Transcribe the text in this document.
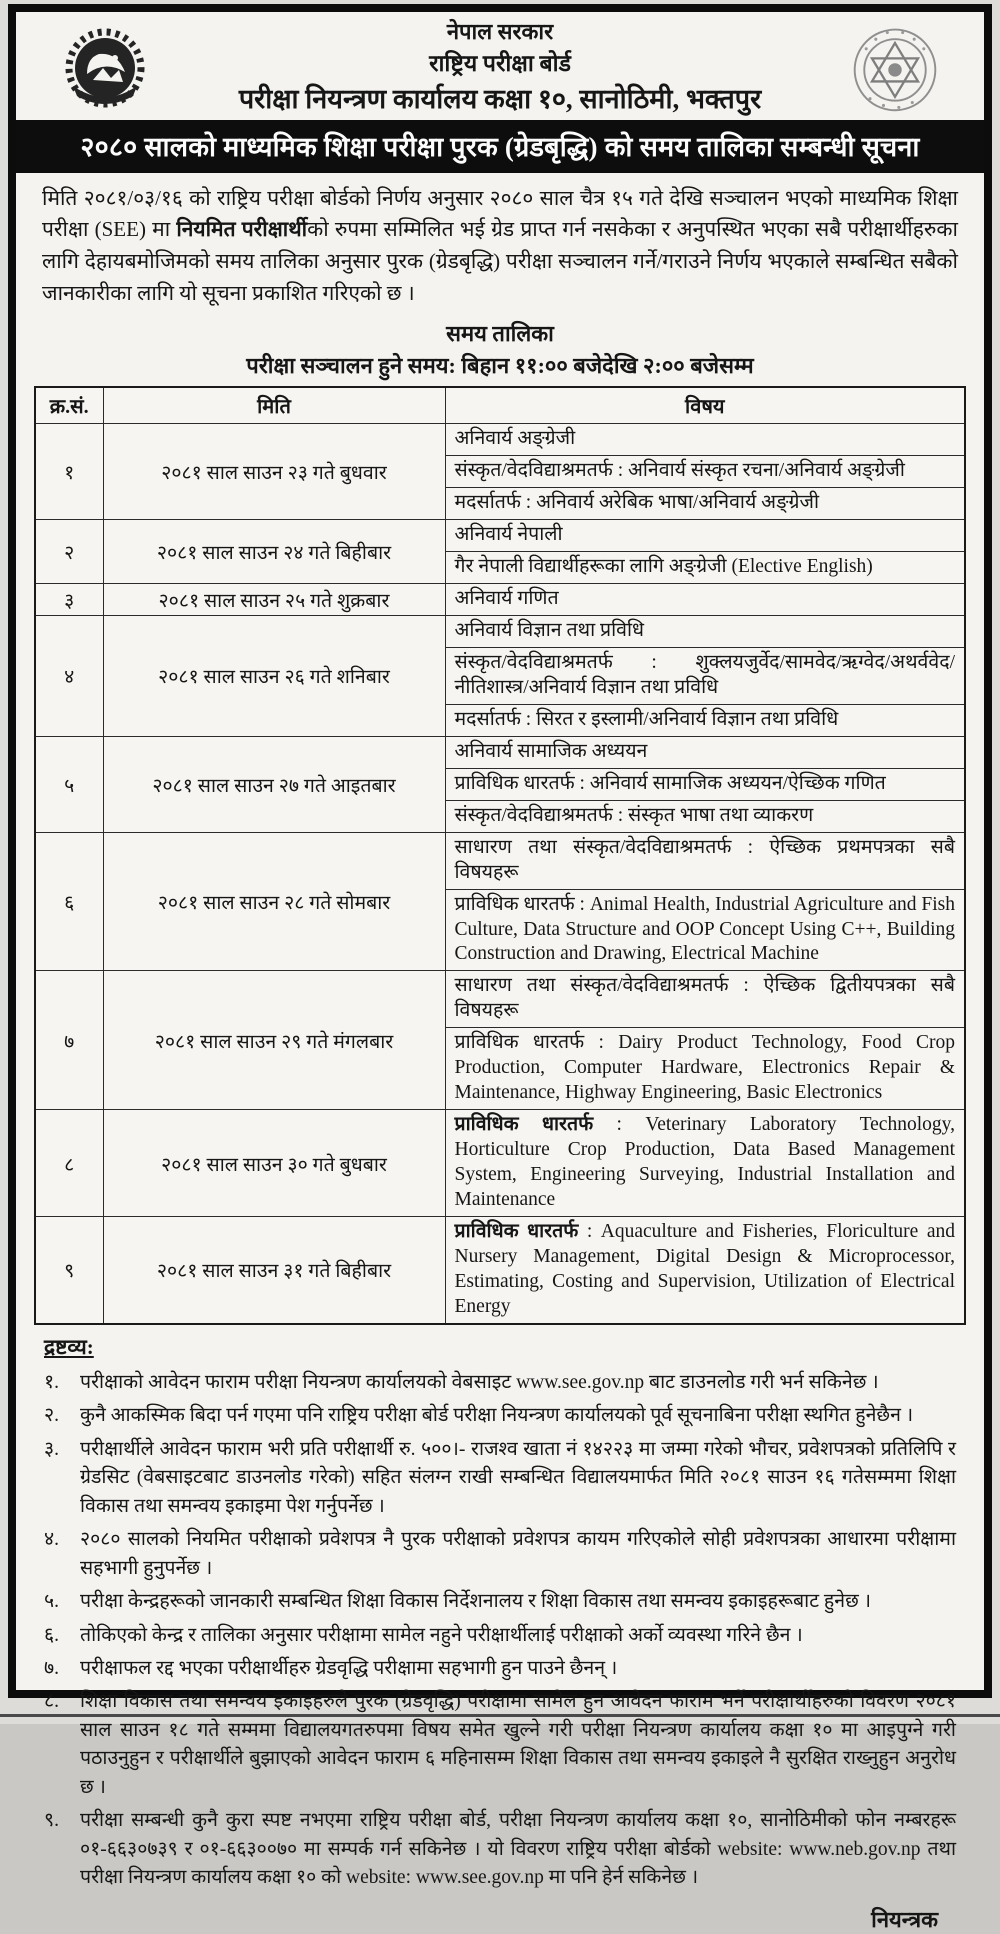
नेपाल सरकार
राष्ट्रिय परीक्षा बोर्ड
परीक्षा नियन्त्रण कार्यालय कक्षा १०, सानोठिमी, भक्तपुर
२०८० सालको माध्यमिक शिक्षा परीक्षा पुरक (ग्रेडबृद्धि) को समय तालिका सम्बन्धी सूचना
मिति २०८१/०३/१६ को राष्ट्रिय परीक्षा बोर्डको निर्णय अनुसार २०८० साल चैत्र १५ गते देखि सञ्चालन भएको माध्यमिक शिक्षा परीक्षा (SEE) मा नियमित परीक्षार्थीको रुपमा सम्मिलित भई ग्रेड प्राप्त गर्न नसकेका र अनुपस्थित भएका सबै परीक्षार्थीहरुका लागि देहायबमोजिमको समय तालिका अनुसार पुरक (ग्रेडबृद्धि) परीक्षा सञ्चालन गर्ने/गराउने निर्णय भएकाले सम्बन्धित सबैको जानकारीका लागि यो सूचना प्रकाशित गरिएको छ ।
समय तालिका
परीक्षा सञ्चालन हुने समय: बिहान ११:०० बजेदेखि २:०० बजेसम्म
क्र.सं.	मिति	विषय
१	२०८१ साल साउन २३ गते बुधवार	अनिवार्य अङ्ग्रेजी
		संस्कृत/वेदविद्याश्रमतर्फ : अनिवार्य संस्कृत रचना/अनिवार्य अङ्ग्रेजी
		मदर्सातर्फ : अनिवार्य अरेबिक भाषा/अनिवार्य अङ्ग्रेजी
२	२०८१ साल साउन २४ गते बिहीबार	अनिवार्य नेपाली
		गैर नेपाली विद्यार्थीहरूका लागि अङ्ग्रेजी (Elective English)
३	२०८१ साल साउन २५ गते शुक्रबार	अनिवार्य गणित
४	२०८१ साल साउन २६ गते शनिबार	अनिवार्य विज्ञान तथा प्रविधि
		संस्कृत/वेदविद्याश्रमतर्फ : शुक्लयजुर्वेद/सामवेद/ऋग्वेद/अथर्ववेद/नीतिशास्त्र/अनिवार्य विज्ञान तथा प्रविधि
		मदर्सातर्फ : सिरत र इस्लामी/अनिवार्य विज्ञान तथा प्रविधि
५	२०८१ साल साउन २७ गते आइतबार	अनिवार्य सामाजिक अध्ययन
		प्राविधिक धारतर्फ : अनिवार्य सामाजिक अध्ययन/ऐच्छिक गणित
		संस्कृत/वेदविद्याश्रमतर्फ : संस्कृत भाषा तथा व्याकरण
६	२०८१ साल साउन २८ गते सोमबार	साधारण तथा संस्कृत/वेदविद्याश्रमतर्फ : ऐच्छिक प्रथमपत्रका सबै विषयहरू
		प्राविधिक धारतर्फ : Animal Health, Industrial Agriculture and Fish Culture, Data Structure and OOP Concept Using C++, Building Construction and Drawing, Electrical Machine
७	२०८१ साल साउन २९ गते मंगलबार	साधारण तथा संस्कृत/वेदविद्याश्रमतर्फ : ऐच्छिक द्वितीयपत्रका सबै विषयहरू
		प्राविधिक धारतर्फ : Dairy Product Technology, Food Crop Production, Computer Hardware, Electronics Repair & Maintenance, Highway Engineering, Basic Electronics
८	२०८१ साल साउन ३० गते बुधबार	प्राविधिक धारतर्फ : Veterinary Laboratory Technology, Horticulture Crop Production, Data Based Management System, Engineering Surveying, Industrial Installation and Maintenance
९	२०८१ साल साउन ३१ गते बिहीबार	प्राविधिक धारतर्फ : Aquaculture and Fisheries, Floriculture and Nursery Management, Digital Design & Microprocessor, Estimating, Costing and Supervision, Utilization of Electrical Energy
द्रष्टव्य:
१.	परीक्षाको आवेदन फाराम परीक्षा नियन्त्रण कार्यालयको वेबसाइट www.see.gov.np बाट डाउनलोड गरी भर्न सकिनेछ ।
२.	कुनै आकस्मिक बिदा पर्न गएमा पनि राष्ट्रिय परीक्षा बोर्ड परीक्षा नियन्त्रण कार्यालयको पूर्व सूचनाबिना परीक्षा स्थगित हुनेछैन ।
३.	परीक्षार्थीले आवेदन फाराम भरी प्रति परीक्षार्थी रु. ५००।- राजश्व खाता नं १४२२३ मा जम्मा गरेको भौचर, प्रवेशपत्रको प्रतिलिपि र ग्रेडसिट (वेबसाइटबाट डाउनलोड गरेको) सहित संलग्न राखी सम्बन्धित विद्यालयमार्फत मिति २०८१ साउन १६ गतेसम्ममा शिक्षा विकास तथा समन्वय इकाइमा पेश गर्नुपर्नेछ ।
४.	२०८० सालको नियमित परीक्षाको प्रवेशपत्र नै पुरक परीक्षाको प्रवेशपत्र कायम गरिएकोले सोही प्रवेशपत्रका आधारमा परीक्षामा सहभागी हुनुपर्नेछ ।
५.	परीक्षा केन्द्रहरूको जानकारी सम्बन्धित शिक्षा विकास निर्देशनालय र शिक्षा विकास तथा समन्वय इकाइहरूबाट हुनेछ ।
६.	तोकिएको केन्द्र र तालिका अनुसार परीक्षामा सामेल नहुने परीक्षार्थीलाई परीक्षाको अर्को व्यवस्था गरिने छैन ।
७.	परीक्षाफल रद्द भएका परीक्षार्थीहरु ग्रेडवृद्धि परीक्षामा सहभागी हुन पाउने छैनन् ।
८.	शिक्षा विकास तथा समन्वय इकाइहरुले पुरक (ग्रेडवृद्धि) परीक्षामा सामेल हुन आवेदन फाराम भर्ने परीक्षार्थीहरुको विवरण २०८१ साल साउन १८ गते सम्ममा विद्यालयगतरुपमा विषय समेत खुल्ने गरी परीक्षा नियन्त्रण कार्यालय कक्षा १० मा आइपुग्ने गरी पठाउनुहुन र परीक्षार्थीले बुझाएको आवेदन फाराम ६ महिनासम्म शिक्षा विकास तथा समन्वय इकाइले नै सुरक्षित राख्नुहुन अनुरोध छ ।
९.	परीक्षा सम्बन्धी कुनै कुरा स्पष्ट नभएमा राष्ट्रिय परीक्षा बोर्ड, परीक्षा नियन्त्रण कार्यालय कक्षा १०, सानोठिमीको फोन नम्बरहरू ०१-६६३०७३९ र ०१-६६३००७० मा सम्पर्क गर्न सकिनेछ । यो विवरण राष्ट्रिय परीक्षा बोर्डको website: www.neb.gov.np तथा परीक्षा नियन्त्रण कार्यालय कक्षा १० को website: www.see.gov.np मा पनि हेर्न सकिनेछ ।
नियन्त्रक
